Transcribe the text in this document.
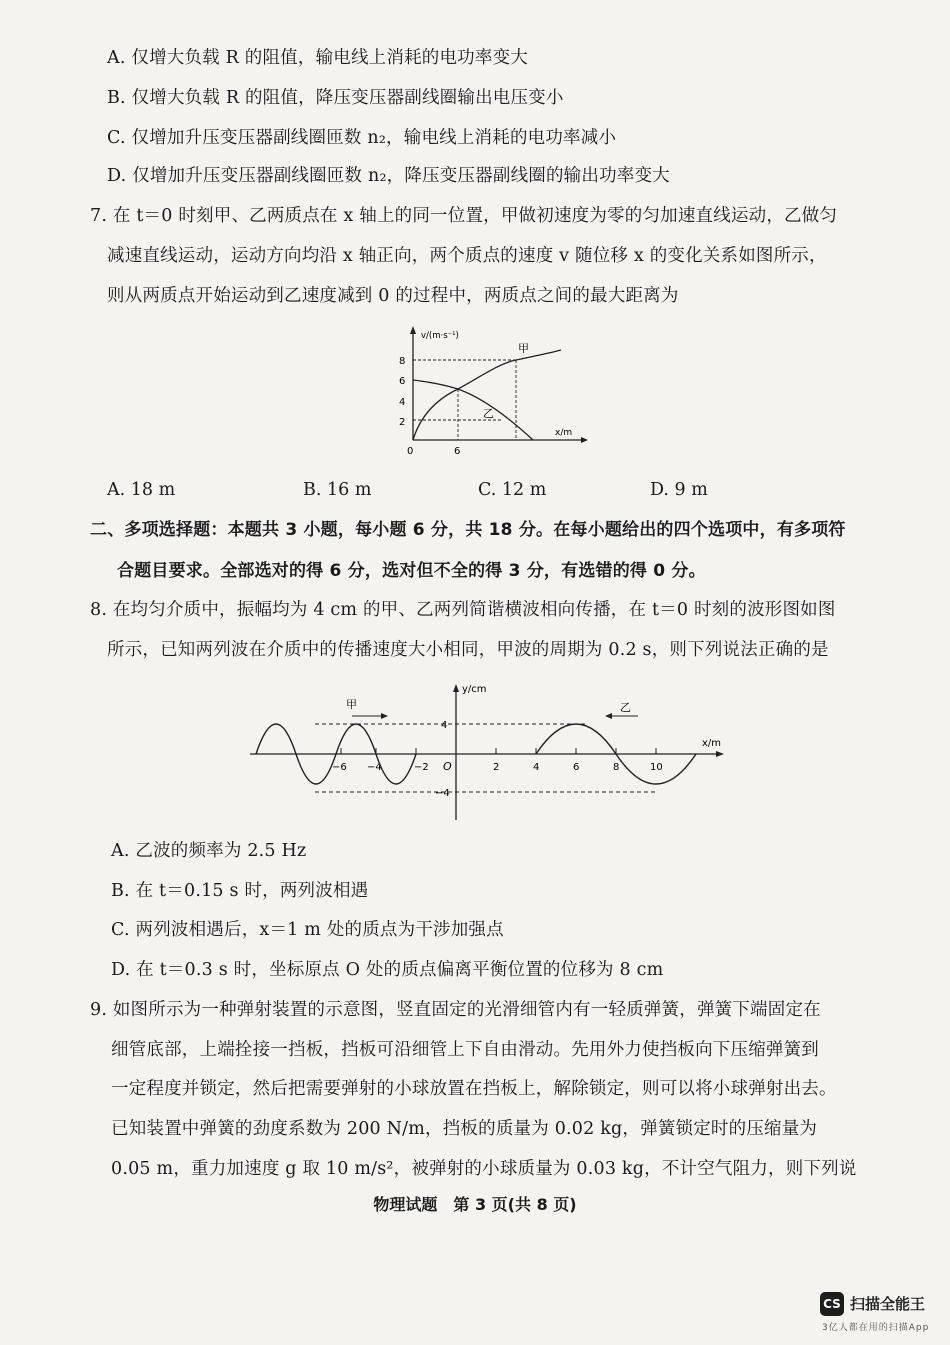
A. 仅增大负载 R 的阻值，输电线上消耗的电功率变大
B. 仅增大负载 R 的阻值，降压变压器副线圈输出电压变小
C. 仅增加升压变压器副线圈匝数 n₂，输电线上消耗的电功率减小
D. 仅增加升压变压器副线圈匝数 n₂，降压变压器副线圈的输出功率变大
7. 在 t＝0 时刻甲、乙两质点在 x 轴上的同一位置，甲做初速度为零的匀加速直线运动，乙做匀
减速直线运动，运动方向均沿 x 轴正向，两个质点的速度 v 随位移 x 的变化关系如图所示，
则从两质点开始运动到乙速度减到 0 的过程中，两质点之间的最大距离为
v/(m·s⁻¹)
x/m
8
6
4
2
0	6
甲
乙
A. 18 m	B. 16 m	C. 12 m	D. 9 m
二、多项选择题：本题共 3 小题，每小题 6 分，共 18 分。在每小题给出的四个选项中，有多项符
合题目要求。全部选对的得 6 分，选对但不全的得 3 分，有选错的得 0 分。
8. 在均匀介质中，振幅均为 4 cm 的甲、乙两列简谐横波相向传播，在 t＝0 时刻的波形图如图
所示，已知两列波在介质中的传播速度大小相同，甲波的周期为 0.2 s，则下列说法正确的是
y/cm
x/m
4
−4
−6 −4	−2 O	2	4	6	8	10
甲	乙
A. 乙波的频率为 2.5 Hz
B. 在 t＝0.15 s 时，两列波相遇
C. 两列波相遇后，x＝1 m 处的质点为干涉加强点
D. 在 t＝0.3 s 时，坐标原点 O 处的质点偏离平衡位置的位移为 8 cm
9. 如图所示为一种弹射装置的示意图，竖直固定的光滑细管内有一轻质弹簧，弹簧下端固定在
细管底部，上端拴接一挡板，挡板可沿细管上下自由滑动。先用外力使挡板向下压缩弹簧到
一定程度并锁定，然后把需要弹射的小球放置在挡板上，解除锁定，则可以将小球弹射出去。
已知装置中弹簧的劲度系数为 200 N/m，挡板的质量为 0.02 kg，弹簧锁定时的压缩量为
0.05 m，重力加速度 g 取 10 m/s²，被弹射的小球质量为 0.03 kg，不计空气阻力，则下列说
物理试题　第 3 页(共 8 页)
CS 扫描全能王
3亿人都在用的扫描App
